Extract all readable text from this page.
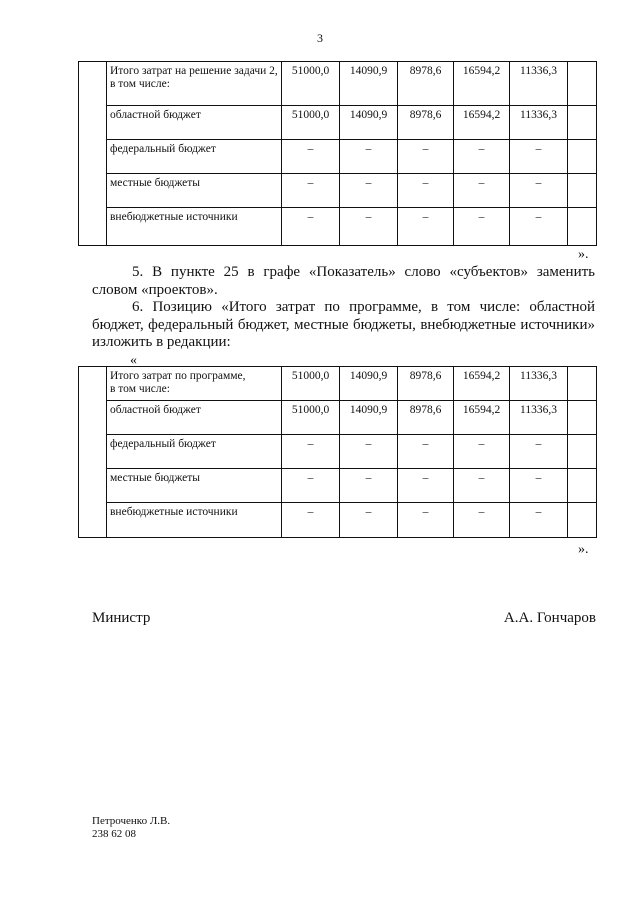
3
	Итого затрат на решение задачи 2,
в том числе:	51000,0	14090,9	8978,6	16594,2	11336,3	
	областной бюджет	51000,0	14090,9	8978,6	16594,2	11336,3	
	федеральный бюджет	–	–	–	–	–	
	местные бюджеты	–	–	–	–	–	
	внебюджетные источники	–	–	–	–	–	
».

5. В пункте 25 в графе «Показатель» слово «субъектов» заменить словом «проектов».

6. Позицию «Итого затрат по программе, в том числе: областной бюджет, федеральный бюджет, местные бюджеты, внебюджетные источники» изложить в редакции:

«
	Итого затрат по программе,
в том числе:	51000,0	14090,9	8978,6	16594,2	11336,3	
	областной бюджет	51000,0	14090,9	8978,6	16594,2	11336,3	
	федеральный бюджет	–	–	–	–	–	
	местные бюджеты	–	–	–	–	–	
	внебюджетные источники	–	–	–	–	–	
».
Министр	А.А. Гончаров
Петроченко Л.В.
238 62 08
